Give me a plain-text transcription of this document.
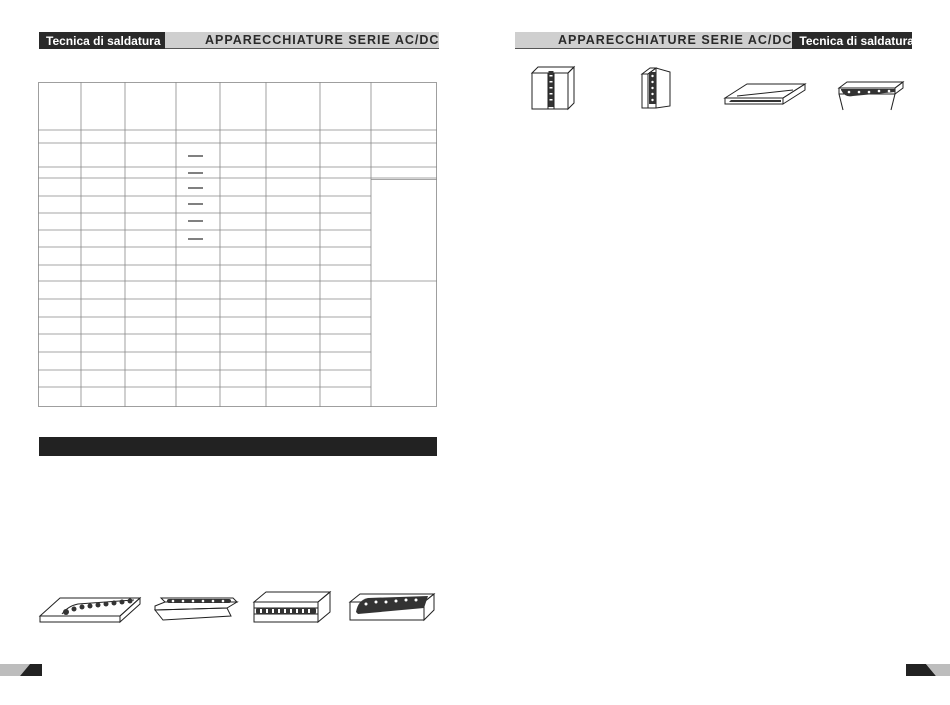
Tecnica di saldatura	APPARECCHIATURE SERIE AC/DC	APPARECCHIATURE SERIE AC/DC Tecnica di saldatura
